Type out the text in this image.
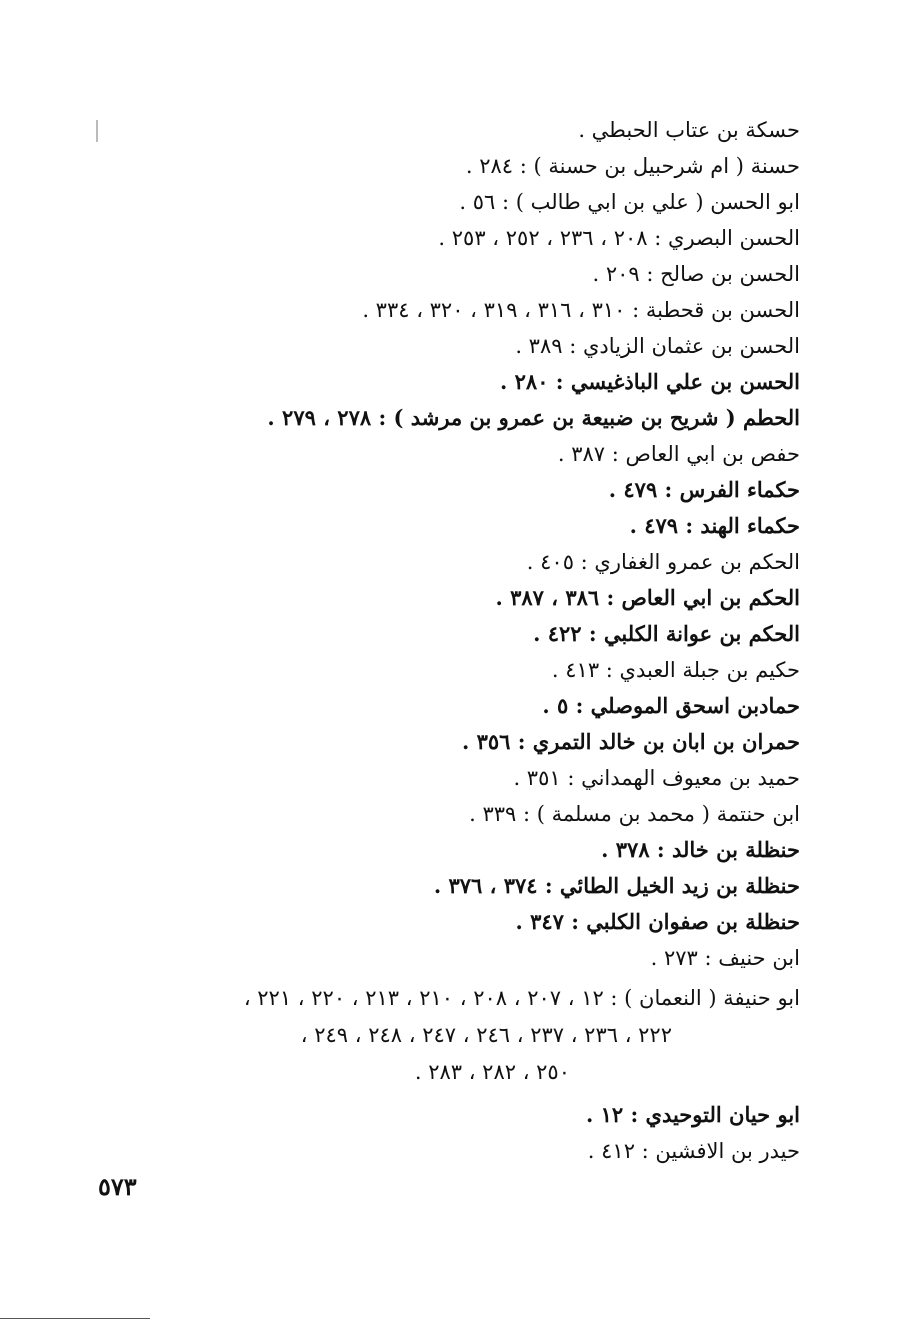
حسكة بن عتاب الحبطي .
حسنة ( ام شرحبيل بن حسنة ) : ٢٨٤ .
ابو الحسن ( علي بن ابي طالب ) : ٥٦ .
الحسن البصري : ٢٠٨ ، ٢٣٦ ، ٢٥٢ ، ٢٥٣ .
الحسن بن صالح : ٢٠٩ .
الحسن بن قحطبة : ٣١٠ ، ٣١٦ ، ٣١٩ ، ٣٢٠ ، ٣٣٤ .
الحسن بن عثمان الزيادي : ٣٨٩ .
الحسن بن علي الباذغيسي : ٢٨٠ .
الحطم ( شريح بن ضبيعة بن عمرو بن مرشد ) : ٢٧٨ ، ٢٧٩ .
حفص بن ابي العاص : ٣٨٧ .
حكماء الفرس : ٤٧٩ .
حكماء الهند : ٤٧٩ .
الحكم بن عمرو الغفاري : ٤٠٥ .
الحكم بن ابي العاص : ٣٨٦ ، ٣٨٧ .
الحكم بن عوانة الكلبي : ٤٢٢ .
حكيم بن جبلة العبدي : ٤١٣ .
حمادبن اسحق الموصلي : ٥ .
حمران بن ابان بن خالد التمري : ٣٥٦ .
حميد بن معيوف الهمداني : ٣٥١ .
ابن حنتمة ( محمد بن مسلمة ) : ٣٣٩ .
حنظلة بن خالد : ٣٧٨ .
حنظلة بن زيد الخيل الطائي : ٣٧٤ ، ٣٧٦ .
حنظلة بن صفوان الكلبي : ٣٤٧ .
ابن حنيف : ٢٧٣ .
ابو حنيفة ( النعمان ) : ١٢ ، ٢٠٧ ، ٢٠٨ ، ٢١٠ ، ٢١٣ ، ٢٢٠ ، ٢٢١ ،
٢٢٢ ، ٢٣٦ ، ٢٣٧ ، ٢٤٦ ، ٢٤٧ ، ٢٤٨ ، ٢٤٩ ،
٢٥٠ ، ٢٨٢ ، ٢٨٣ .
ابو حيان التوحيدي : ١٢ .
حيدر بن الافشين : ٤١٢ .
٥٧٣
